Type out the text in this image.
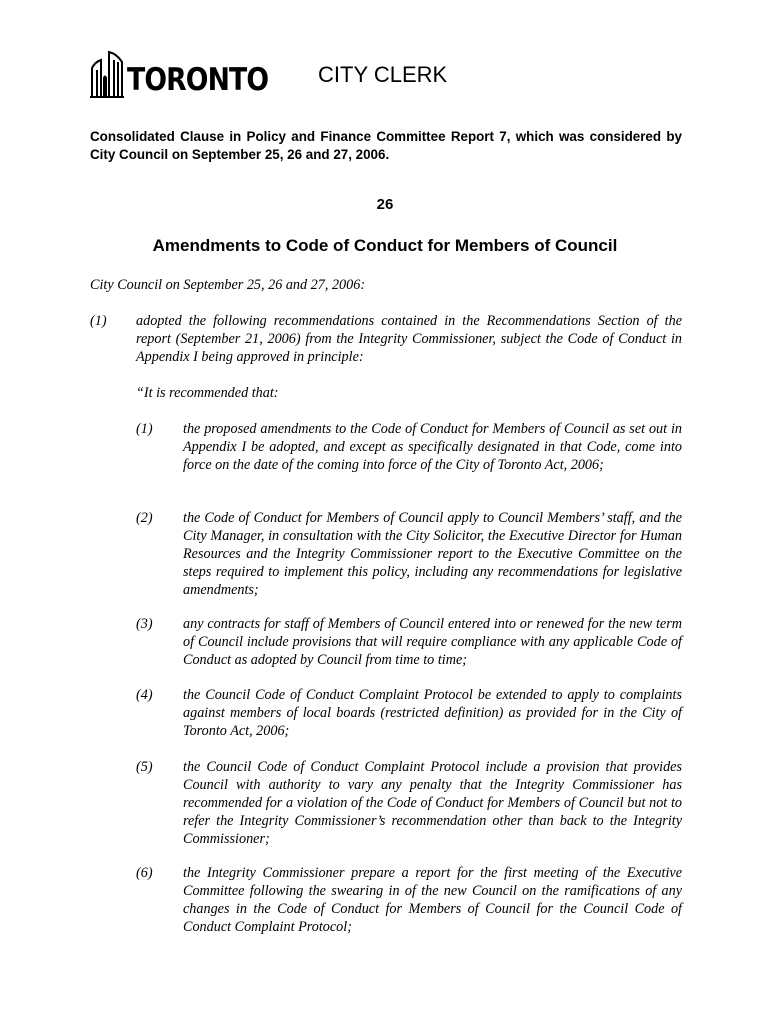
TORONTO CITY CLERK
Consolidated Clause in Policy and Finance Committee Report 7, which was considered by City Council on September 25, 26 and 27, 2006.
26
Amendments to Code of Conduct for Members of Council
City Council on September 25, 26 and 27, 2006:
(1) adopted the following recommendations contained in the Recommendations Section of the report (September 21, 2006) from the Integrity Commissioner, subject the Code of Conduct in Appendix I being approved in principle:
“It is recommended that:
(1) the proposed amendments to the Code of Conduct for Members of Council as set out in Appendix I be adopted, and except as specifically designated in that Code, come into force on the date of the coming into force of the City of Toronto Act, 2006;
(2) the Code of Conduct for Members of Council apply to Council Members’ staff, and the City Manager, in consultation with the City Solicitor, the Executive Director for Human Resources and the Integrity Commissioner report to the Executive Committee on the steps required to implement this policy, including any recommendations for legislative amendments;
(3) any contracts for staff of Members of Council entered into or renewed for the new term of Council include provisions that will require compliance with any applicable Code of Conduct as adopted by Council from time to time;
(4) the Council Code of Conduct Complaint Protocol be extended to apply to complaints against members of local boards (restricted definition) as provided for in the City of Toronto Act, 2006;
(5) the Council Code of Conduct Complaint Protocol include a provision that provides Council with authority to vary any penalty that the Integrity Commissioner has recommended for a violation of the Code of Conduct for Members of Council but not to refer the Integrity Commissioner’s recommendation other than back to the Integrity Commissioner;
(6) the Integrity Commissioner prepare a report for the first meeting of the Executive Committee following the swearing in of the new Council on the ramifications of any changes in the Code of Conduct for Members of Council for the Council Code of Conduct Complaint Protocol;
